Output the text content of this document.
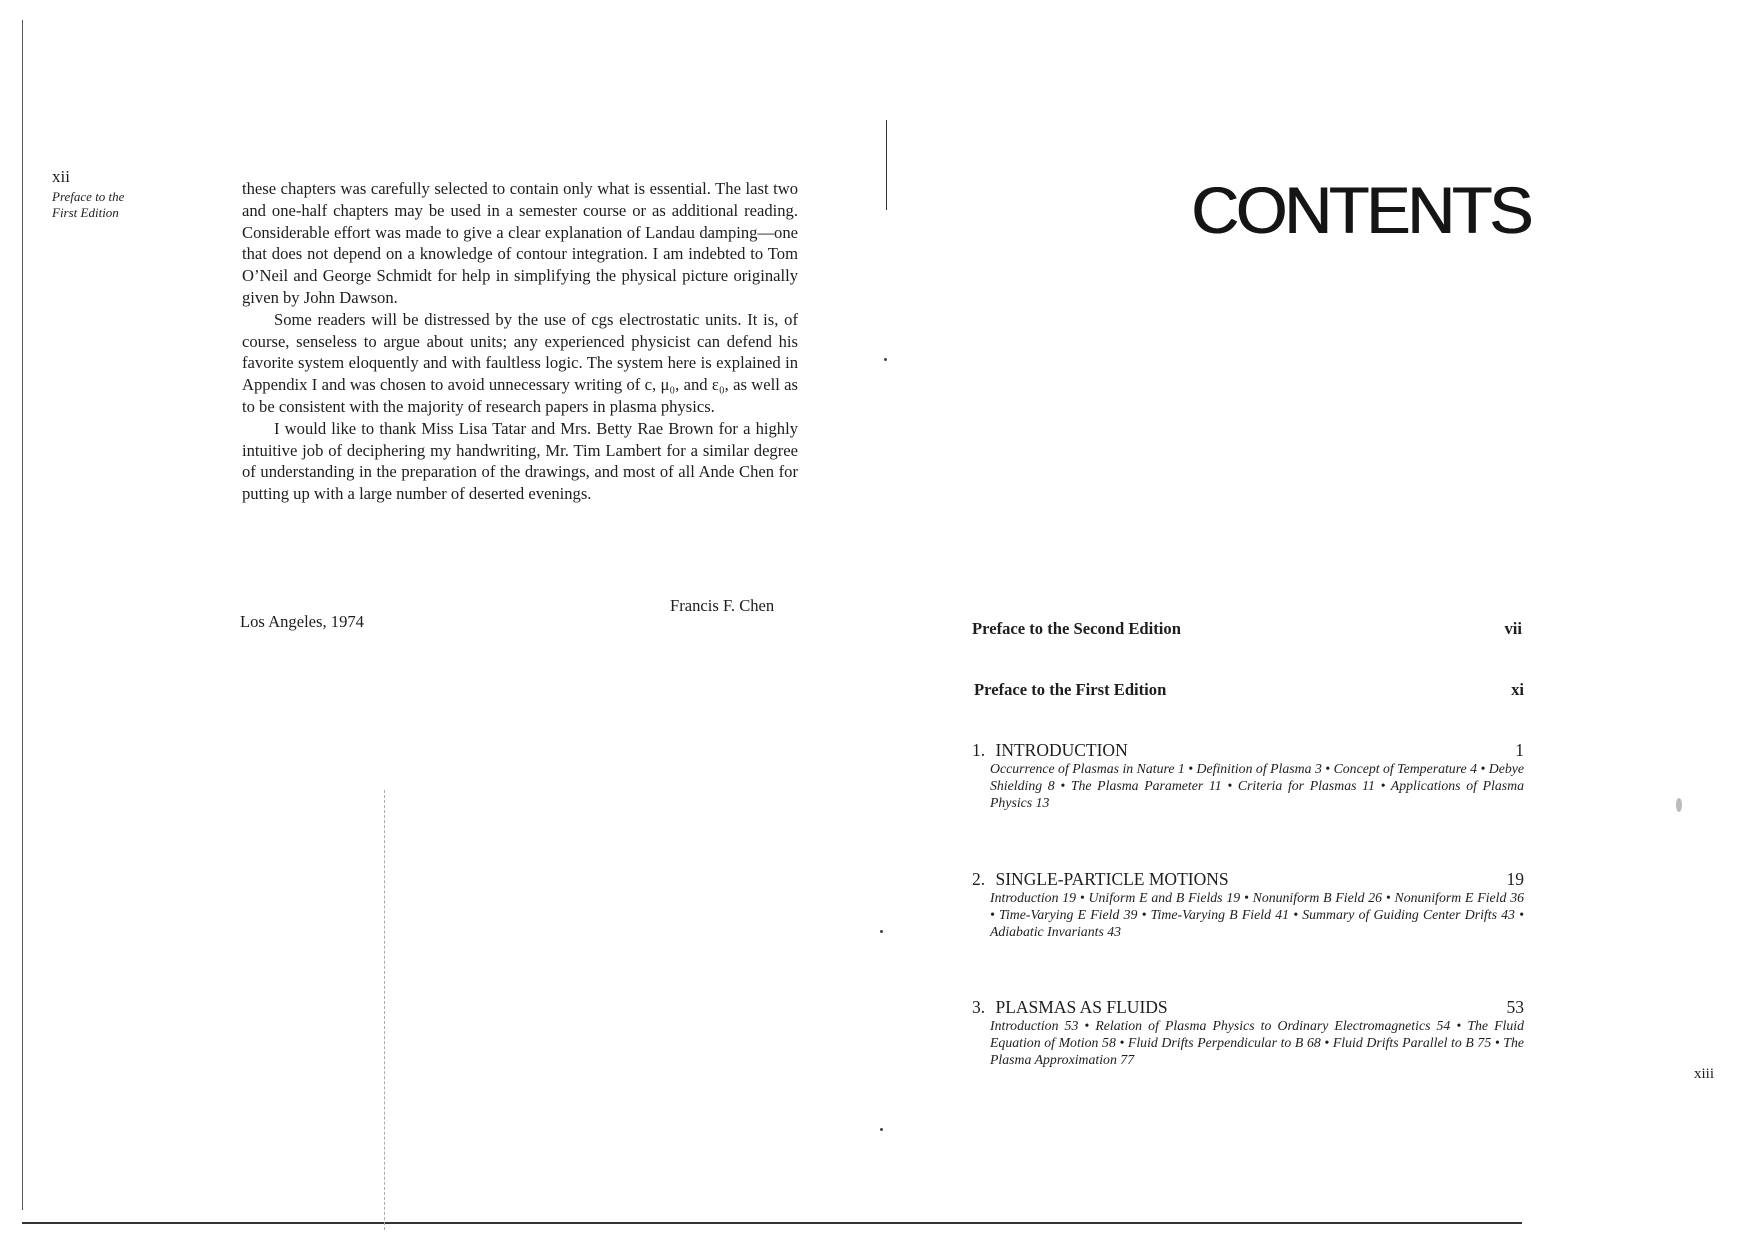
xii
Preface to the
First Edition

these chapters was carefully selected to contain only what is essential. The last two and one-half chapters may be used in a semester course or as additional reading. Considerable effort was made to give a clear explanation of Landau damping—one that does not depend on a knowledge of contour integration. I am indebted to Tom O’Neil and George Schmidt for help in simplifying the physical picture originally given by John Dawson.

Some readers will be distressed by the use of cgs electrostatic units. It is, of course, senseless to argue about units; any experienced physicist can defend his favorite system eloquently and with faultless logic. The system here is explained in Appendix I and was chosen to avoid unnecessary writing of c, μ₀, and ε₀, as well as to be consistent with the majority of research papers in plasma physics.

I would like to thank Miss Lisa Tatar and Mrs. Betty Rae Brown for a highly intuitive job of deciphering my handwriting, Mr. Tim Lambert for a similar degree of understanding in the preparation of the drawings, and most of all Ande Chen for putting up with a large number of deserted evenings.

Francis F. Chen
Los Angeles, 1974
CONTENTS
Preface to the Second Edition	vii
Preface to the First Edition	xi
1. INTRODUCTION	1
Occurrence of Plasmas in Nature 1 • Definition of Plasma 3 • Concept of Temperature 4 • Debye Shielding 8 • The Plasma Parameter 11 • Criteria for Plasmas 11 • Applications of Plasma Physics 13
2. SINGLE-PARTICLE MOTIONS	19
Introduction 19 • Uniform E and B Fields 19 • Nonuniform B Field 26 • Nonuniform E Field 36 • Time-Varying E Field 39 • Time-Varying B Field 41 • Summary of Guiding Center Drifts 43 • Adiabatic Invariants 43
3. PLASMAS AS FLUIDS	53
Introduction 53 • Relation of Plasma Physics to Ordinary Electromagnetics 54 • The Fluid Equation of Motion 58 • Fluid Drifts Perpendicular to B 68 • Fluid Drifts Parallel to B 75 • The Plasma Approximation 77
xiii
